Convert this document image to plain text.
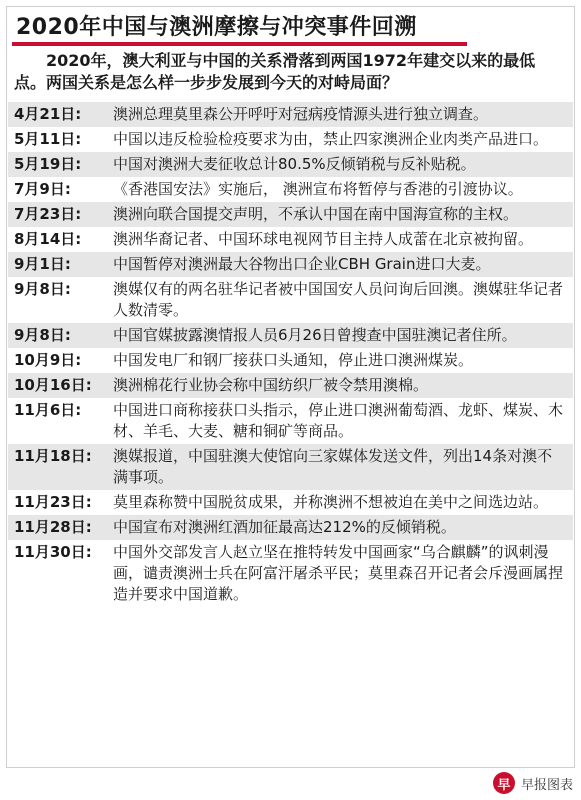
2020年中国与澳洲摩擦与冲突事件回溯
2020年，澳大利亚与中国的关系滑落到两国1972年建交以来的最低点。两国关系是怎么样一步步发展到今天的对峙局面？
4月21日:	澳洲总理莫里森公开呼吁对冠病疫情源头进行独立调查。
5月11日:	中国以违反检验检疫要求为由，禁止四家澳洲企业肉类产品进口。
5月19日:	中国对澳洲大麦征收总计80.5%反倾销税与反补贴税。
7月9日:	《香港国安法》实施后， 澳洲宣布将暂停与香港的引渡协议。
7月23日:	澳洲向联合国提交声明，不承认中国在南中国海宣称的主权。
8月14日:	澳洲华裔记者、中国环球电视网节目主持人成蕾在北京被拘留。
9月1日:	中国暂停对澳洲最大谷物出口企业CBH Grain进口大麦。
9月8日:	澳媒仅有的两名驻华记者被中国国安人员问询后回澳。澳媒驻华记者人数清零。
9月8日:	中国官媒披露澳情报人员6月26日曾搜查中国驻澳记者住所。
10月9日:	中国发电厂和钢厂接获口头通知，停止进口澳洲煤炭。
10月16日:	澳洲棉花行业协会称中国纺织厂被令禁用澳棉。
11月6日:	中国进口商称接获口头指示，停止进口澳洲葡萄酒、龙虾、煤炭、木材、羊毛、大麦、糖和铜矿等商品。
11月18日:	澳媒报道，中国驻澳大使馆向三家媒体发送文件，列出14条对澳不满事项。
11月23日:	莫里森称赞中国脱贫成果，并称澳洲不想被迫在美中之间选边站。
11月28日:	中国宣布对澳洲红酒加征最高达212%的反倾销税。
11月30日:	中国外交部发言人赵立坚在推特转发中国画家“乌合麒麟”的讽刺漫画，谴责澳洲士兵在阿富汗屠杀平民；莫里森召开记者会斥漫画属捏造并要求中国道歉。
早 早报图表
